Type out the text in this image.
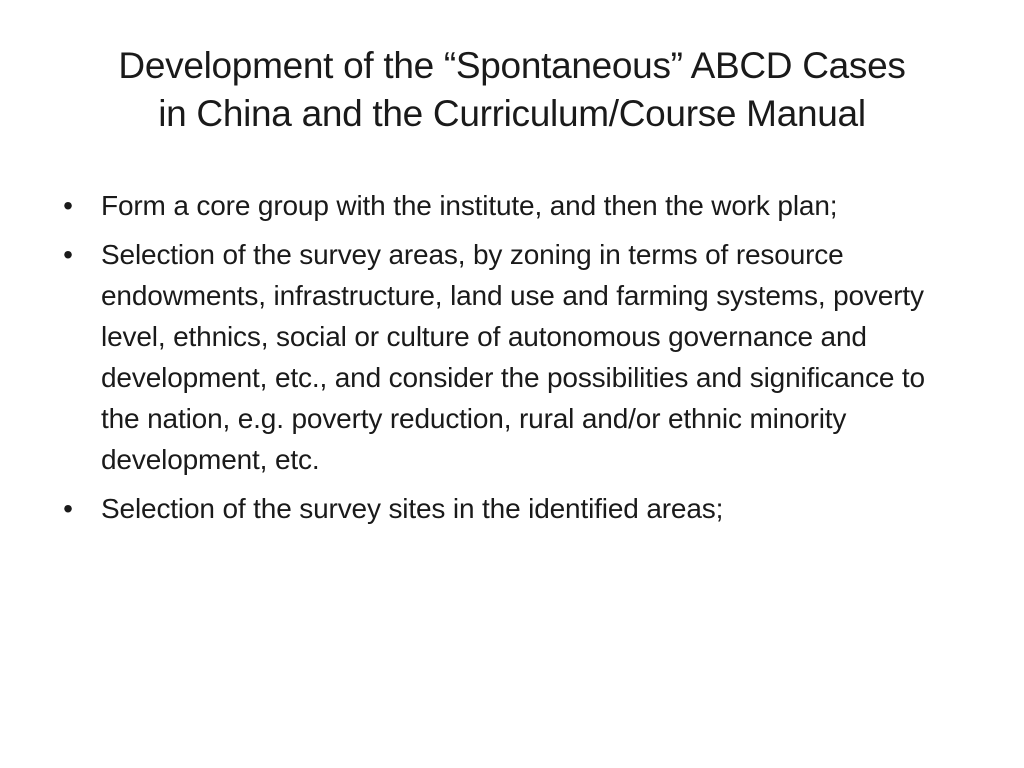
Development of the “Spontaneous” ABCD Cases
in China and the Curriculum/Course Manual
• Form a core group with the institute, and then the work plan;
• Selection of the survey areas, by zoning in terms of resource endowments, infrastructure, land use and farming systems, poverty level, ethnics, social or culture of autonomous governance and development, etc., and consider the possibilities and significance to the nation, e.g. poverty reduction, rural and/or ethnic minority development, etc.
• Selection of the survey sites in the identified areas;
